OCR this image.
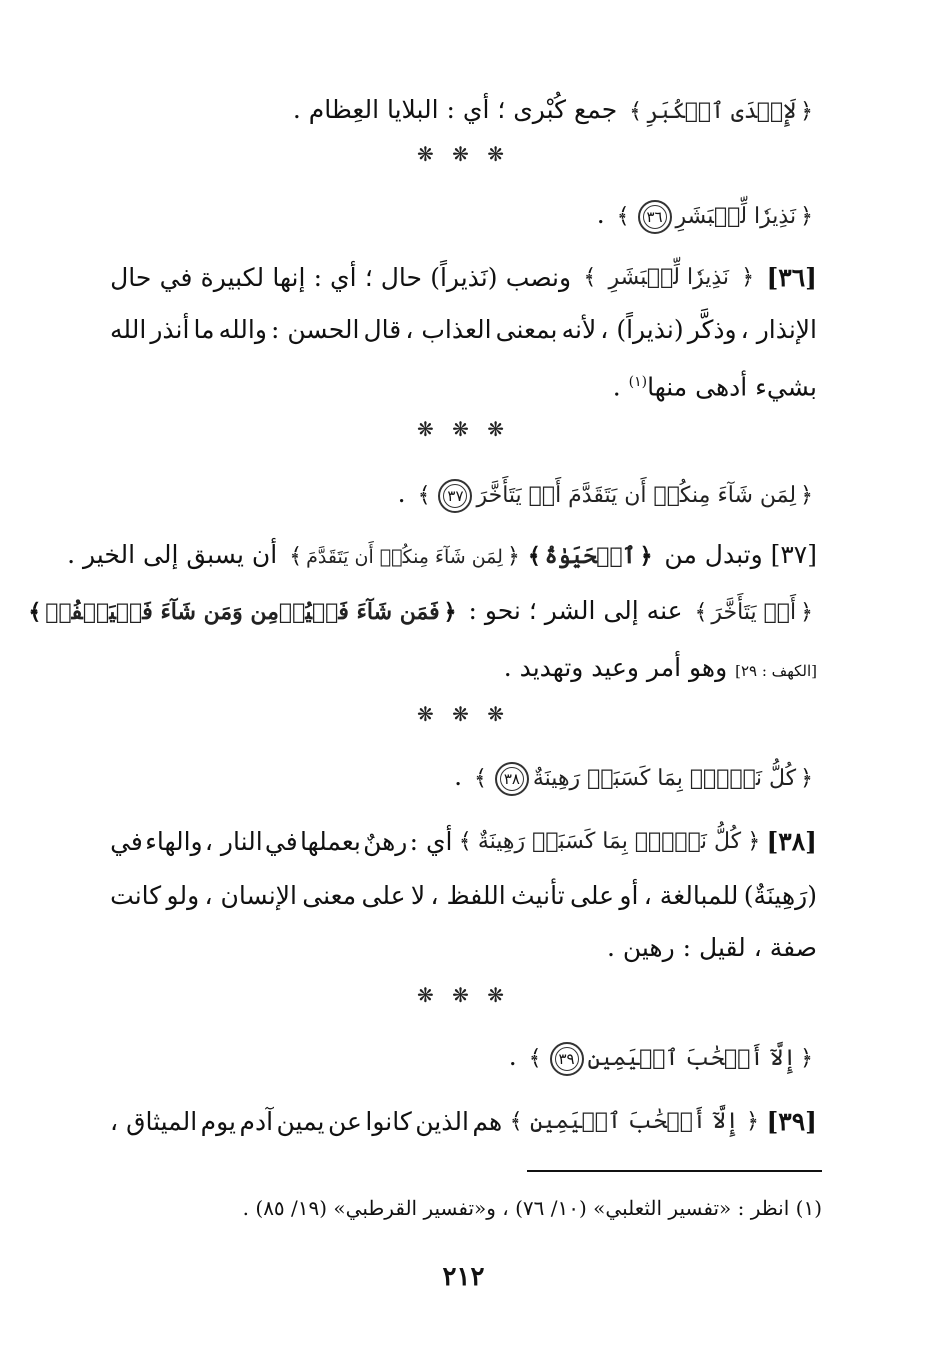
﴿لَإِحۡدَى ٱلۡكُبَرِ﴾ جمع كُبْرى ؛ أي : البلايا العِظام .
❋ ❋ ❋
﴿نَذِيرٗا لِّلۡبَشَرِ٣٦﴾ .
[٣٦]
﴿
نَذِيرٗا لِّلۡبَشَرِ
﴾
ونصب
(نَذيراً)
حال ؛
أي :
إنها
لكبيرة
في
حال
الإنذار ،
وذكَّر
(نذيراً) ،
لأنه
بمعنى
العذاب ،
قال
الحسن :
والله
ما
أنذر
الله
بشيء أدهى منها$^{(١)}$ .
❋ ❋ ❋
﴿لِمَن شَآءَ مِنكُمۡ أَن يَتَقَدَّمَ أَوۡ يَتَأَخَّرَ٣٧﴾ .
[٣٧] وتبدل من ﴿ٱلۡحَيَوٰةُ﴾﴿لِمَن شَآءَ مِنكُمۡ أَن يَتَقَدَّمَ﴾ أن يسبق إلى الخير .
﴿أَوۡ يَتَأَخَّرَ﴾ عنه إلى الشر ؛ نحو : ﴿فَمَن شَآءَ فَلۡيُؤۡمِن وَمَن شَآءَ فَلۡيَكۡفُرۡ﴾
[الكهف : ٢٩] وهو أمر وعيد وتهديد .
❋ ❋ ❋
﴿كُلُّ نَفۡسِۭ بِمَا كَسَبَتۡ رَهِينَةٌ٣٨﴾ .
[٣٨]
﴿
كُلُّ نَفۡسِۭ بِمَا كَسَبَتۡ رَهِينَةٌ
﴾
أي :
رهنٌ
بعملها
في
النار ،
والهاء
في
(رَهِينَةٌ)
للمبالغة ،
أو
على
تأنيث
اللفظ ،
لا
على
معنى
الإنسان ،
ولو
كانت
صفة ، لقيل : رهين .
❋ ❋ ❋
﴿إِلَّآ أَصۡحَٰبَ ٱلۡيَمِينِ٣٩﴾ .
[٣٩]
﴿
إِلَّآ أَصۡحَٰبَ ٱلۡيَمِينِ
﴾
هم
الذين
كانوا
عن
يمين
آدم
يوم
الميثاق ،
(١) انظر : «تفسير الثعلبي» (١٠/ ٧٦) ، و«تفسير القرطبي» (١٩/ ٨٥) .
٢١٢
